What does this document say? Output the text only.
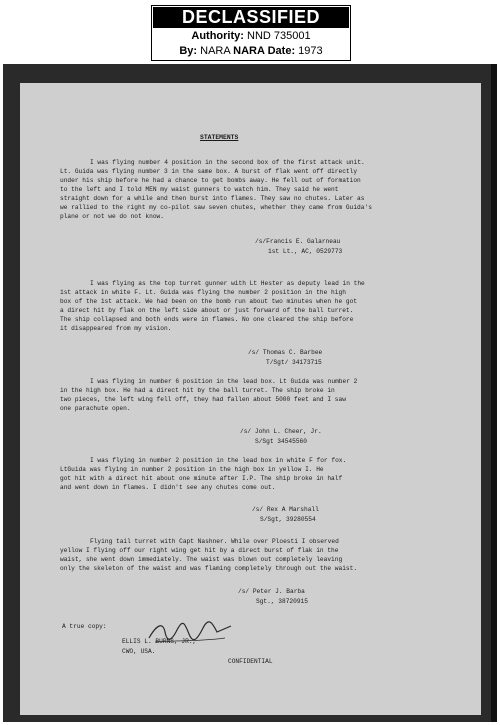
DECLASSIFIED
Authority: NND 735001
By: NARA NARA Date: 1973
STATEMENTS
I was flying number 4 position in the second box of the first attack unit.
Lt. Guida was flying number 3 in the same box. A burst of flak went off directly
under his ship before he had a chance to get bombs away. He fell out of formation
to the left and I told MEN my waist gunners to watch him. They said he went
straight down for a while and then burst into flames. They saw no chutes. Later as
we rallied to the right my co-pilot saw seven chutes, whether they came from Guida's
plane or not we do not know.
/s/Francis E. Galarneau
1st Lt., AC, 0529773
I was flying as the top turret gunner with Lt Hester as deputy lead in the
1st attack in white F. Lt. Guida was flying the number 2 position in the high
box of the 1st attack. We had been on the bomb run about two minutes when he got
a direct hit by flak on the left side about or just forward of the ball turret.
The ship collapsed and both ends were in flames. No one cleared the ship before
it disappeared from my vision.
/s/ Thomas C. Barbee
T/Sgt/ 34173715
I was flying in number 6 position in the lead box. Lt Guida was number 2
in the high box. He had a direct hit by the ball turret. The ship broke in
two pieces, the left wing fell off, they had fallen about 5000 feet and I saw
one parachute open.
/s/ John L. Cheer, Jr.
S/Sgt 34545560
I was flying in number 2 position in the lead box in white F for fox.
LtGuida was flying in number 2 position in the high box in yellow I. He
got hit with a direct hit about one minute after I.P. The ship broke in half
and went down in flames. I didn't see any chutes come out.
/s/ Rex A Marshall
S/Sgt, 39280554
Flying tail turret with Capt Nashner. While over Ploesti I observed
yellow I flying off our right wing get hit by a direct burst of flak in the
waist, she went down immediately. The waist was blown out completely leaving
only the skeleton of the waist and was flaming completely through out the waist.
/s/ Peter J. Barba
Sgt., 38720915
A true copy:
ELLIS L. BURNS, JR.,
CWO, USA.
CONFIDENTIAL
